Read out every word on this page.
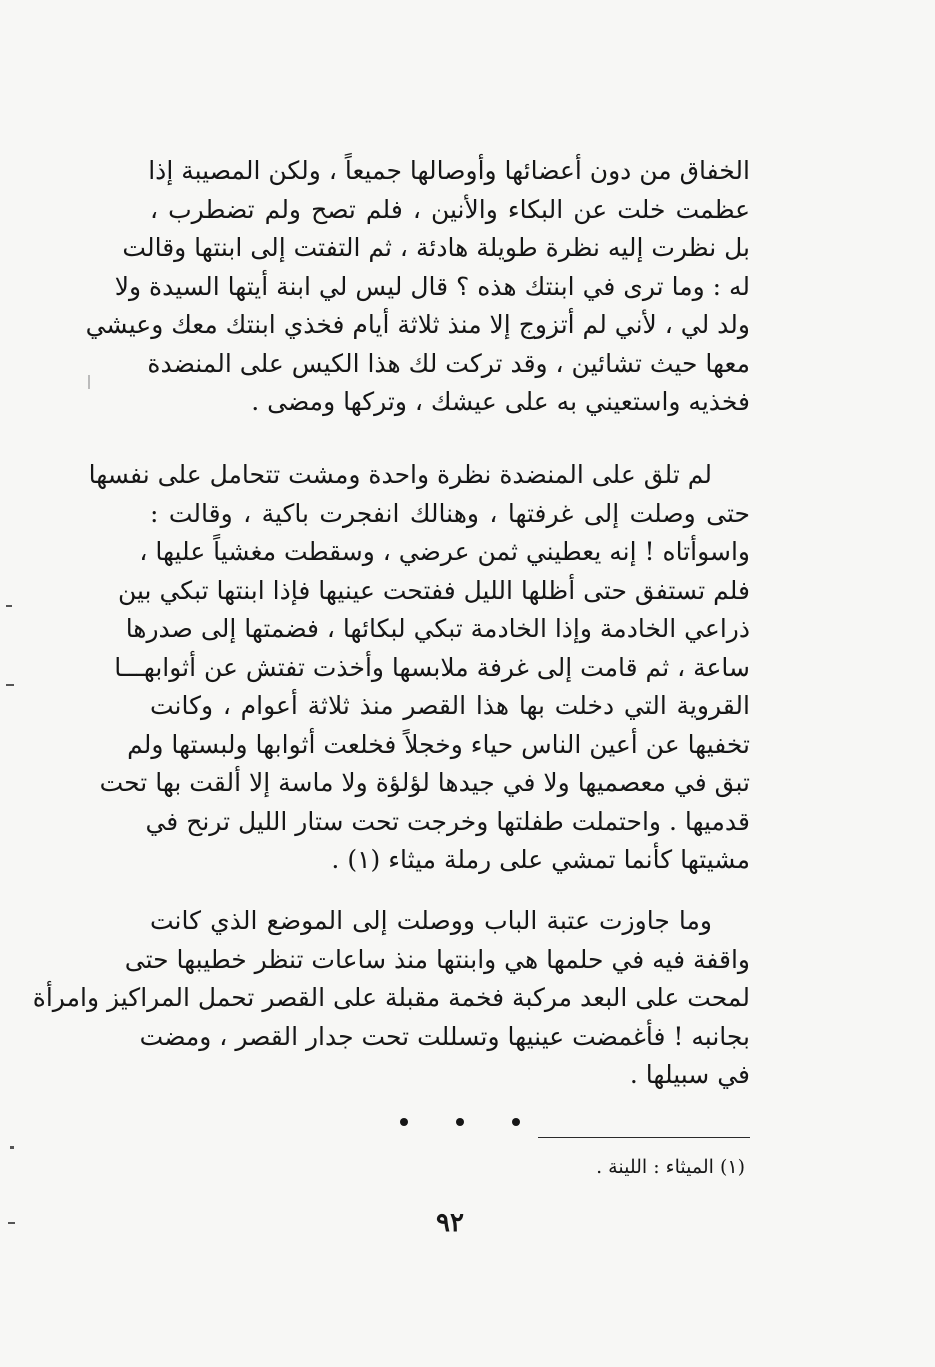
الخفاق من دون أعضائها وأوصالها جميعاً ، ولكن المصيبة إذا
عظمت خلت عن البكاء والأنين ، فلم تصح ولم تضطرب ،
بل نظرت إليه نظرة طويلة هادئة ، ثم التفتت إلى ابنتها وقالت
له : وما ترى في ابنتك هذه ؟ قال ليس لي ابنة أيتها السيدة ولا
ولد لي ، لأني لم أتزوج إلا منذ ثلاثة أيام فخذي ابنتك معك وعيشي
معها حيث تشائين ، وقد تركت لك هذا الكيس على المنضدة
فخذيه واستعيني به على عيشك ، وتركها ومضى .
لم تلق على المنضدة نظرة واحدة ومشت تتحامل على نفسها
حتى وصلت إلى غرفتها ، وهنالك انفجرت باكية ، وقالت :
واسوأتاه ! إنه يعطيني ثمن عرضي ، وسقطت مغشياً عليها ،
فلم تستفق حتى أظلها الليل ففتحت عينيها فإذا ابنتها تبكي بين
ذراعي الخادمة وإذا الخادمة تبكي لبكائها ، فضمتها إلى صدرها
ساعة ، ثم قامت إلى غرفة ملابسها وأخذت تفتش عن أثوابهـــا
القروية التي دخلت بها هذا القصر منذ ثلاثة أعوام ، وكانت
تخفيها عن أعين الناس حياء وخجلاً فخلعت أثوابها ولبستها ولم
تبق في معصميها ولا في جيدها لؤلؤة ولا ماسة إلا ألقت بها تحت
قدميها . واحتملت طفلتها وخرجت تحت ستار الليل ترنح في
مشيتها كأنما تمشي على رملة ميثاء (١) .
وما جاوزت عتبة الباب ووصلت إلى الموضع الذي كانت
واقفة فيه في حلمها هي وابنتها منذ ساعات تنظر خطيبها حتى
لمحت على البعد مركبة فخمة مقبلة على القصر تحمل المراكيز وامرأة
بجانبه ! فأغمضت عينيها وتسللت تحت جدار القصر ، ومضت
في سبيلها .
(١) الميثاء : اللينة .
٩٢
